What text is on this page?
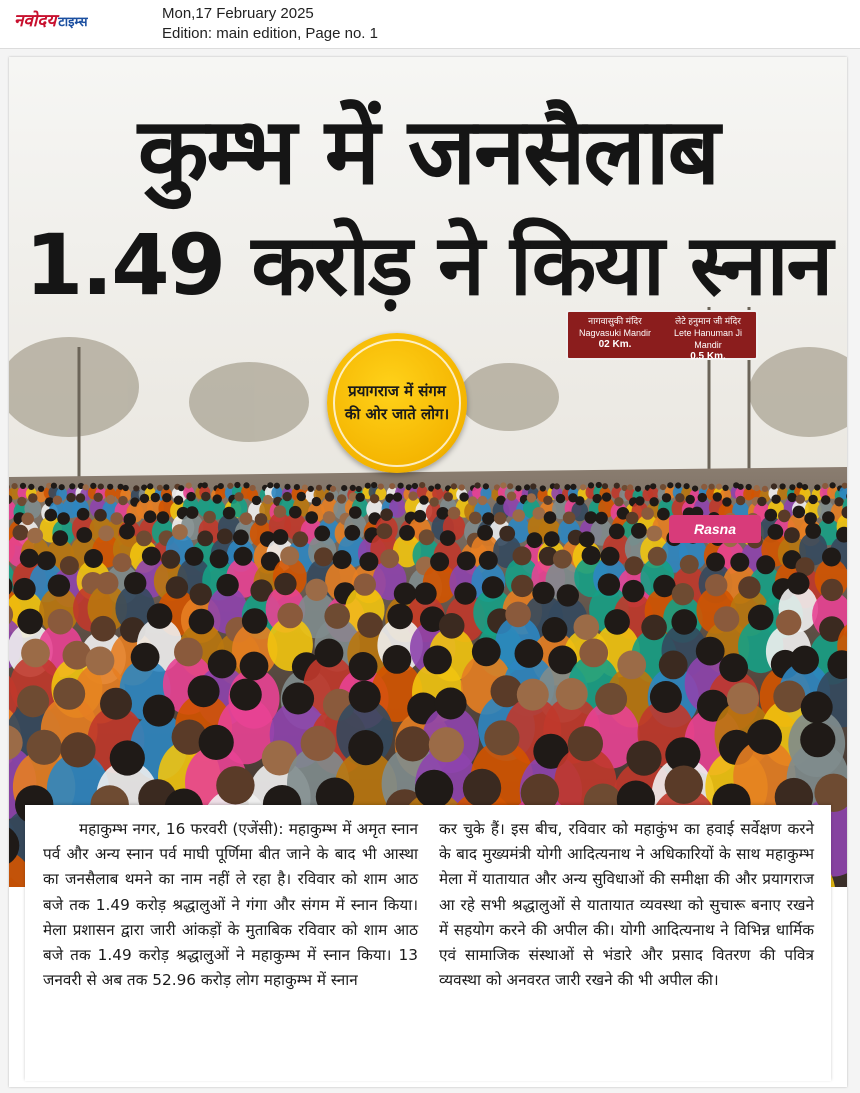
नवोदय टाइम्स
Mon,17 February 2025
Edition: main edition, Page no. 1
नागवासुकी मंदिर
Nagvasuki Mandir
02 Km.
लेटे हनुमान जी मंदिर
Lete Hanuman Ji Mandir
0.5 Km.
Rasna
कुम्भ में जनसैलाब
1.49 करोड़ ने किया स्नान
प्रयागराज में संगम की ओर जाते लोग।

महाकुम्भ नगर, 16 फरवरी (एजेंसी): महाकुम्भ में अमृत स्नान पर्व और अन्य स्नान पर्व माघी पूर्णिमा बीत जाने के बाद भी आस्था का जनसैलाब थमने का नाम नहीं ले रहा है। रविवार को शाम आठ बजे तक 1.49 करोड़ श्रद्धालुओं ने गंगा और संगम में स्नान किया।मेला प्रशासन द्वारा जारी आंकड़ों के मुताबिक रविवार को शाम आठ बजे तक 1.49 करोड़ श्रद्धालुओं ने महाकुम्भ में स्नान किया। 13 जनवरी से अब तक 52.96 करोड़ लोग महाकुम्भ में स्नान

कर चुके हैं। इस बीच, रविवार को महाकुंभ का हवाई सर्वेक्षण करने के बाद मुख्यमंत्री योगी आदित्यनाथ ने अधिकारियों के साथ महाकुम्भ मेला में यातायात और अन्य सुविधाओं की समीक्षा की और प्रयागराज आ रहे सभी श्रद्धालुओं से यातायात व्यवस्था को सुचारू बनाए रखने में सहयोग करने की अपील की। योगी आदित्यनाथ ने विभिन्न धार्मिक एवं सामाजिक संस्थाओं से भंडारे और प्रसाद वितरण की पवित्र व्यवस्था को अनवरत जारी रखने की भी अपील की।
